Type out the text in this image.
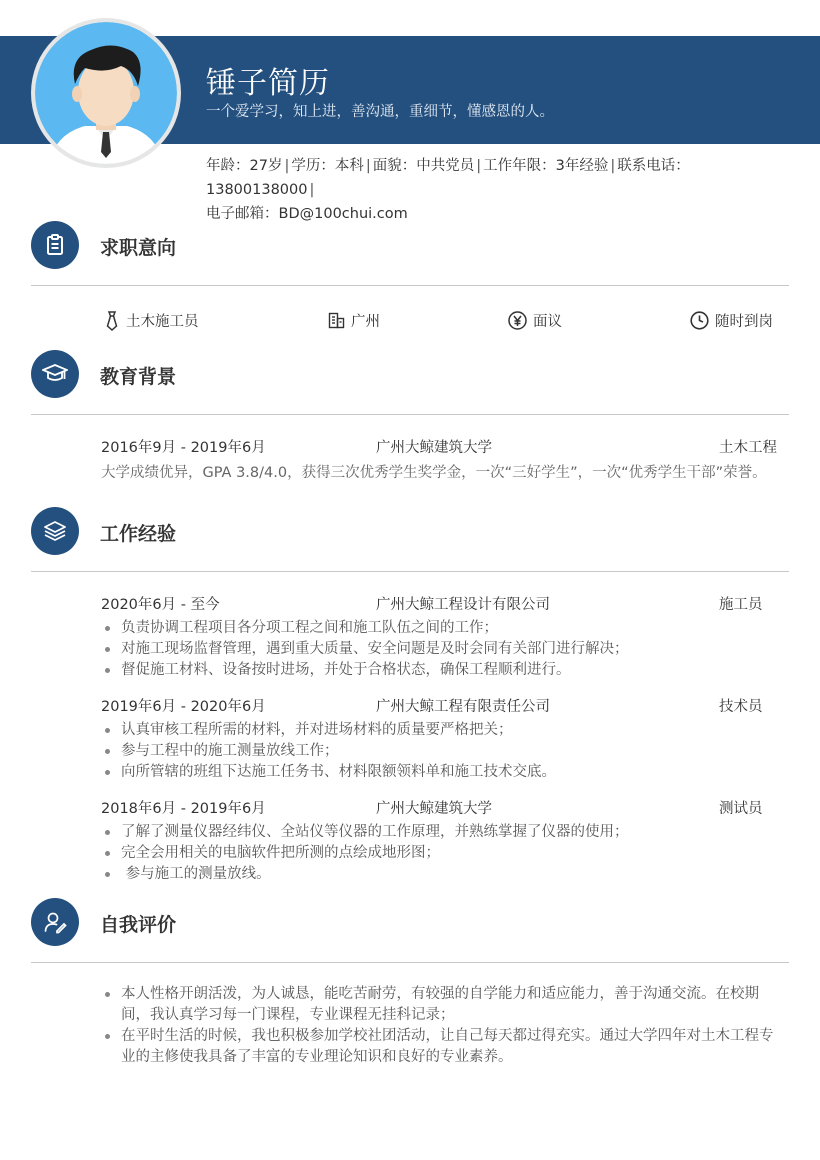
锤子简历
一个爱学习，知上进，善沟通，重细节，懂感恩的人。
年龄：27岁 | 学历：本科 | 面貌：中共党员 | 工作年限：3年经验 | 联系电话：13800138000 |
电子邮箱：BD@100chui.com
求职意向
土木施工员	广州	面议	随时到岗
教育背景
2016年9月 - 2019年6月	广州大鲸建筑大学	土木工程
大学成绩优异，GPA 3.8/4.0，获得三次优秀学生奖学金，一次“三好学生”，一次“优秀学生干部”荣誉。
工作经验
2020年6月 - 至今	广州大鲸工程设计有限公司	施工员
负责协调工程项目各分项工程之间和施工队伍之间的工作；
对施工现场监督管理，遇到重大质量、安全问题是及时会同有关部门进行解决；
督促施工材料、设备按时进场，并处于合格状态，确保工程顺利进行。
2019年6月 - 2020年6月	广州大鲸工程有限责任公司	技术员
认真审核工程所需的材料，并对进场材料的质量要严格把关；
参与工程中的施工测量放线工作；
向所管辖的班组下达施工任务书、材料限额领料单和施工技术交底。
2018年6月 - 2019年6月	广州大鲸建筑大学	测试员
了解了测量仪器经纬仪、全站仪等仪器的工作原理，并熟练掌握了仪器的使用；
完全会用相关的电脑软件把所测的点绘成地形图；
参与施工的测量放线。
自我评价
本人性格开朗活泼，为人诚恳，能吃苦耐劳，有较强的自学能力和适应能力，善于沟通交流。在校期间，我认真学习每一门课程，专业课程无挂科记录；
在平时生活的时候，我也积极参加学校社团活动，让自己每天都过得充实。通过大学四年对土木工程专业的主修使我具备了丰富的专业理论知识和良好的专业素养。
